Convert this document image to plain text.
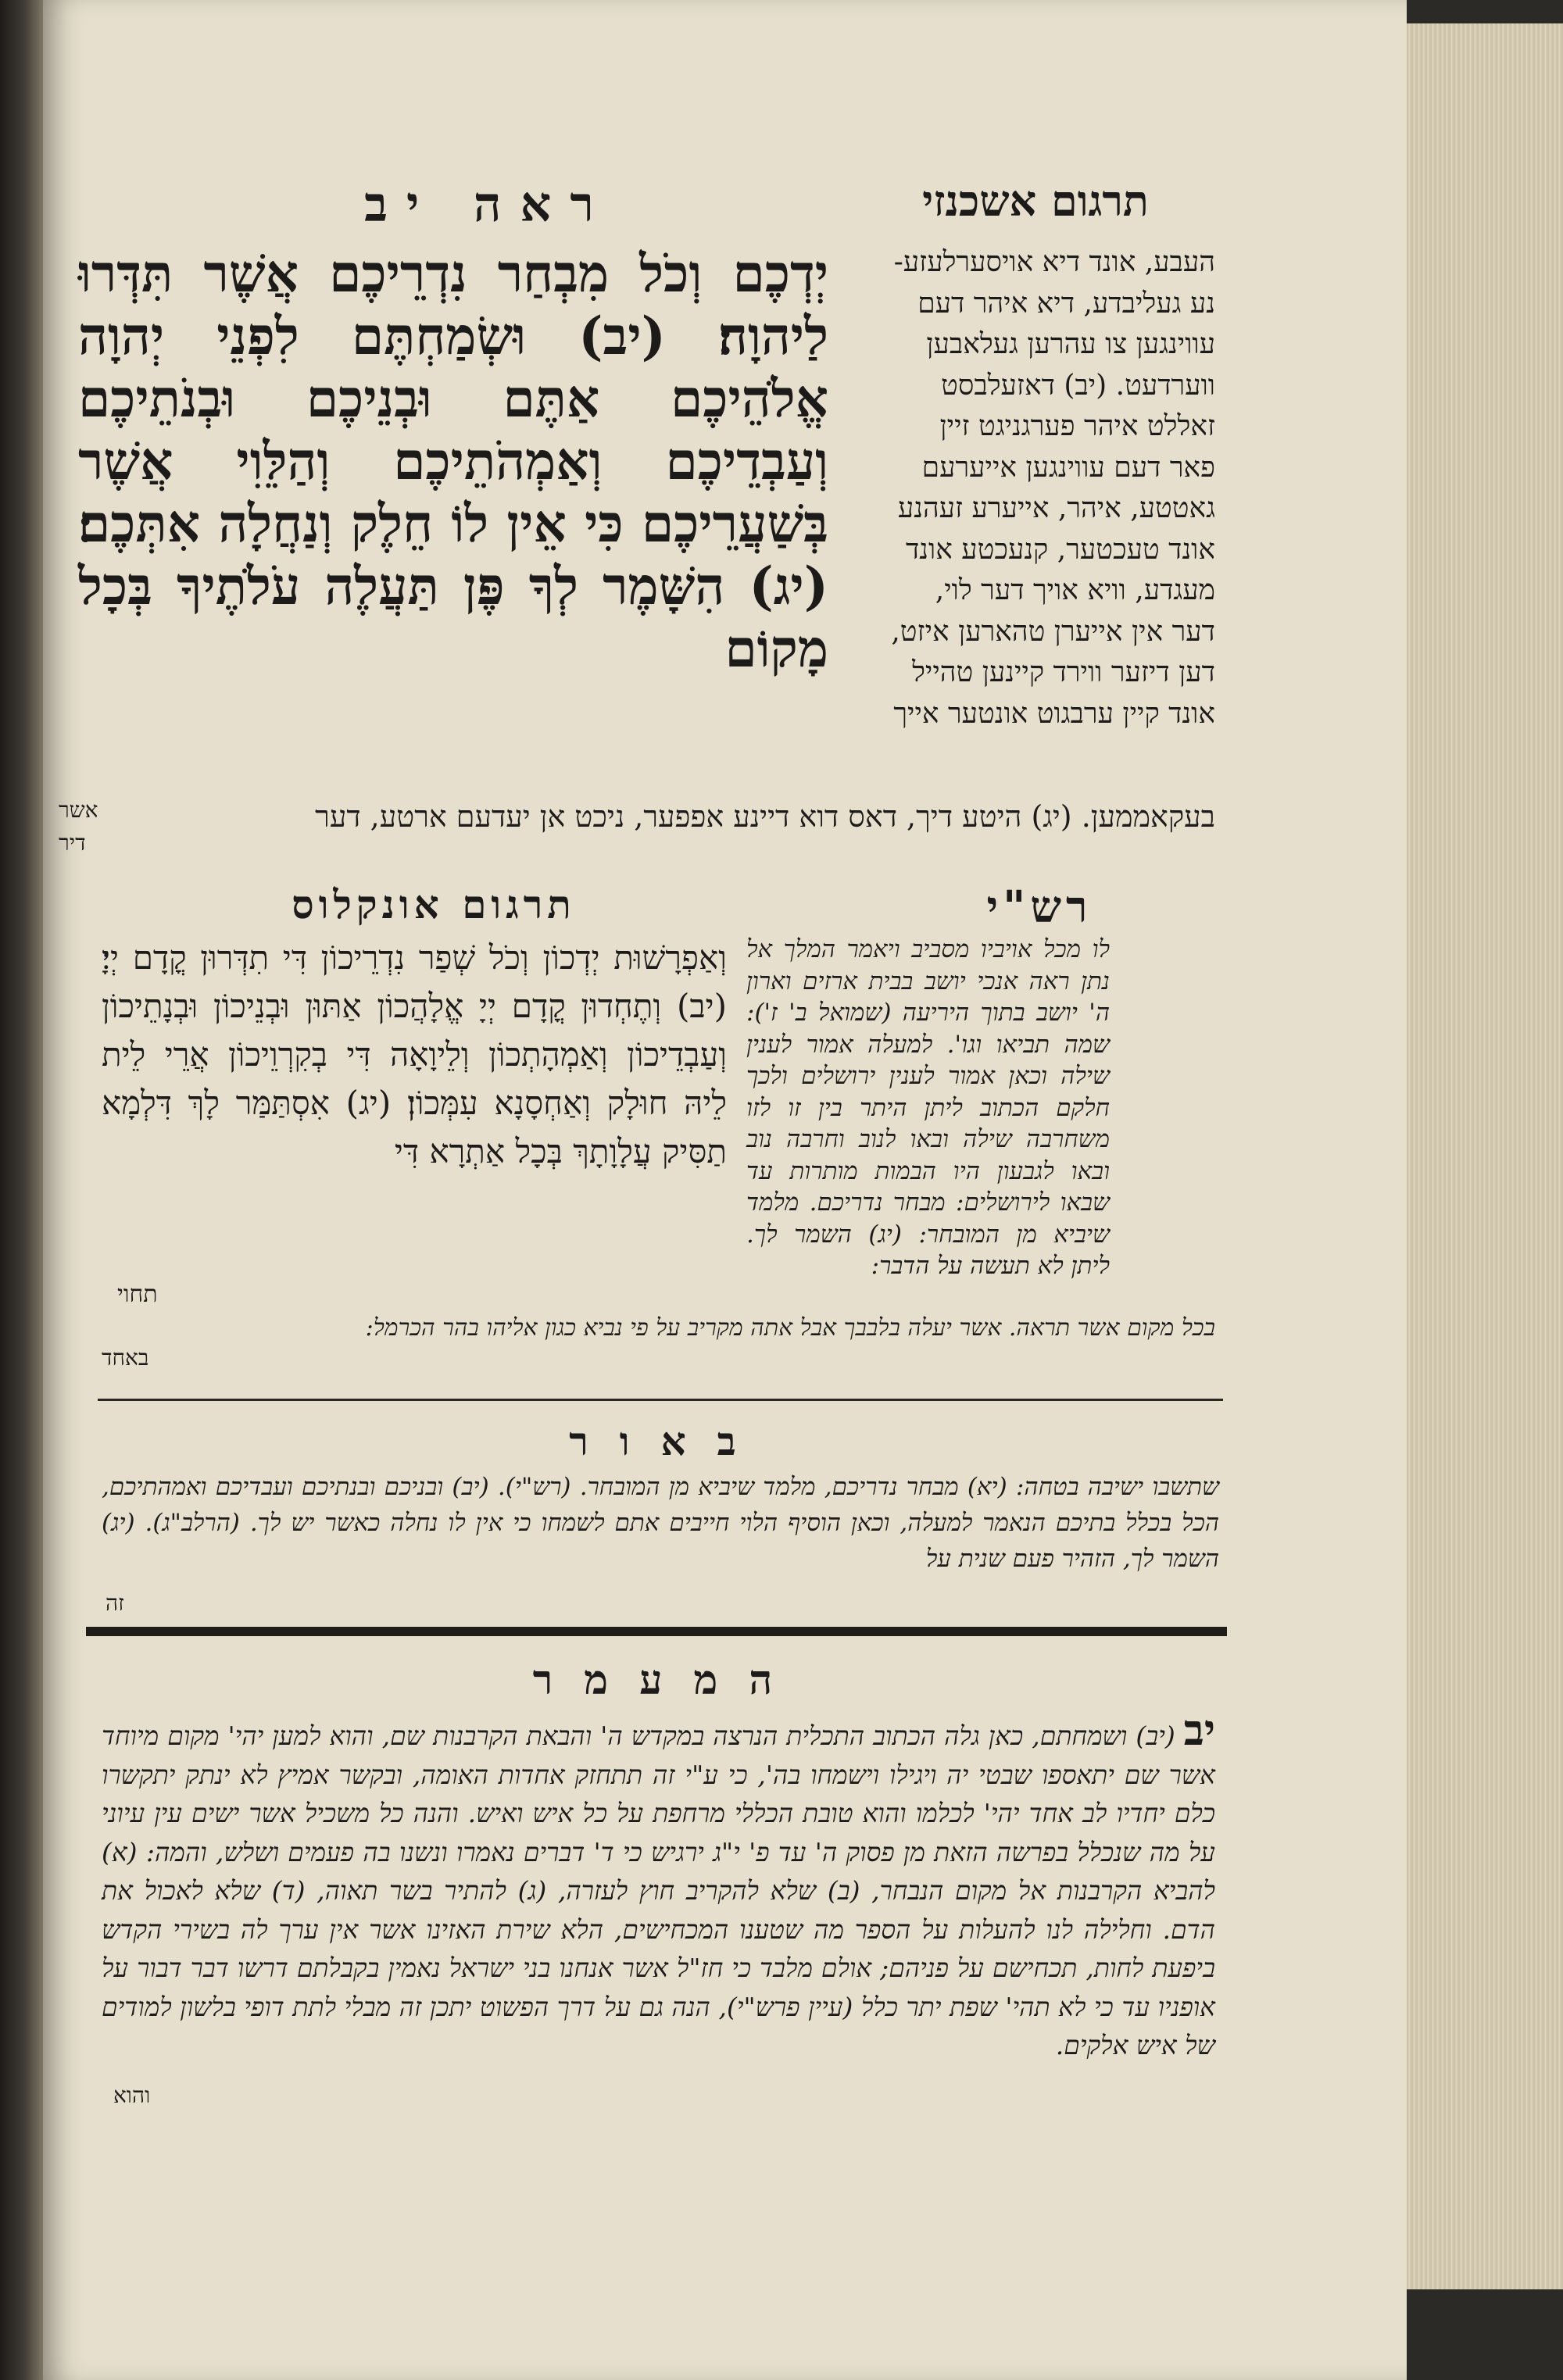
ראה יב	תרגום אשכנזי
יְדְכֶם וְכֹל מִבְחַר נִדְרֵיכֶם אֲשֶׁר תִּדְּרוּ לַיהוָה׃ (יב) וּשְׂמַחְתֶּם לִפְנֵי יְהוָה אֱלֹהֵיכֶם אַתֶּם וּבְנֵיכֶם וּבְנֹתֵיכֶם וְעַבְדֵיכֶם וְאַמְהֹתֵיכֶם וְהַלֵּוִי אֲשֶׁר בְּשַׁעֲרֵיכֶם כִּי אֵין לוֹ חֵלֶק וְנַחֲלָה אִתְּכֶם׃ (יג) הִשָּׁמֶר לְךָ פֶּן תַּעֲלֶה עֹלֹתֶיךָ בְּכָל מָקוֹם
העבע, אונד דיא אויסערלעזע-
נע געליבדע, דיא איהר דעם
עווינגען צו עהרען געלאבען
ווערדעט. (יב) דאזעלבסט
זאללט איהר פערגניגט זיין
פאר דעם עווינגען אייערעם
גאטטע, איהר, אייערע זעהנע
אונד טעכטער, קנעכטע אונד
מעגדע, וויא אויך דער לוי,
דער אין אייערן טהארען איזט,
דען דיזער ווירד קיינען טהייל
אונד קיין ערבגוט אונטער אייך
אשר	בעקאממען. (יג) היטע דיך, דאס דוא דיינע אפפער, ניכט אן יעדעם ארטע, דער
דיר
תרגום אונקלוס	רש"י
וְאַפְרָשׁוּת יְדְכוֹן וְכֹל שְׁפַר נִדְרֵיכוֹן דִּי תִדְּרוּן קֳדָם יְיָ׃ (יב) וְתֶחְדוּן קֳדָם יְיָ אֱלָהֲכוֹן אַתּוּן וּבְנֵיכוֹן וּבְנָתֵיכוֹן וְעַבְדֵיכוֹן וְאַמְהָתְכוֹן וְלֵיוָאָה דִּי בְקִרְוֵיכוֹן אֲרֵי לֵית לֵיהּ חוּלָק וְאַחְסָנָא עִמְּכוֹן׃ (יג) אִסְתַּמַּר לָךְ דִּלְמָא תַסִּיק עֲלָוָתָךְ בְּכָל אַתְרָא דִּי
תחוי
לו מכל אויביו מסביב ויאמר המלך אל נתן ראה אנכי יושב בבית ארזים וארון ה' יושב בתוך היריעה (שמואל ב' ז'): שמה תביאו וגו'. למעלה אמור לענין שילה וכאן אמור לענין ירושלים ולכך חלקם הכתוב ליתן היתר בין זו לזו משחרבה שילה ובאו לנוב וחרבה נוב ובאו לגבעון היו הבמות מותרות עד שבאו לירושלים: מבחר נדריכם. מלמד שיביא מן המובחר: (יג) השמר לך. ליתן לא תעשה על הדבר:
בכל מקום אשר תראה. אשר יעלה בלבבך אבל אתה מקריב על פי נביא כגון אליהו בהר הכרמל:
באחד
באור
שתשבו ישיבה בטחה: (יא) מבחר נדריכם, מלמד שיביא מן המובחר. (רש"י). (יב) ובניכם ובנתיכם ועבדיכם ואמהתיכם, הכל בכלל בתיכם הנאמר למעלה, וכאן הוסיף הלוי חייבים אתם לשמחו כי אין לו נחלה כאשר יש לך. (הרלב"ג). (יג) השמר לך, הזהיר פעם שנית על
זה
המעמר
יב (יב) ושמחתם, כאן גלה הכתוב התכלית הנרצה במקדש ה' והבאת הקרבנות שם, והוא למען יהי' מקום מיוחד אשר שם יתאספו שבטי יה ויגילו וישמחו בה', כי ע"י זה תתחזק אחדות האומה, ובקשר אמיץ לא ינתק יתקשרו כלם יחדיו לב אחד יהי' לכלמו והוא טובת הכללי מרחפת על כל איש ואיש. והנה כל משכיל אשר ישים עין עיוני על מה שנכלל בפרשה הזאת מן פסוק ה' עד פ' י"ג ירגיש כי ד' דברים נאמרו ונשנו בה פעמים ושלש, והמה: (א) להביא הקרבנות אל מקום הנבחר, (ב) שלא להקריב חוץ לעזרה, (ג) להתיר בשר תאוה, (ד) שלא לאכול את הדם. וחלילה לנו להעלות על הספר מה שטענו המכחישים, הלא שירת האזינו אשר אין ערך לה בשירי הקדש ביפעת לחות, תכחישם על פניהם; אולם מלבד כי חז"ל אשר אנחנו בני ישראל נאמין בקבלתם דרשו דבר דבור על אופניו עד כי לא תהי' שפת יתר כלל (עיין פרש"י), הנה גם על דרך הפשוט יתכן זה מבלי לתת דופי בלשון למודים של איש אלקים.
והוא
